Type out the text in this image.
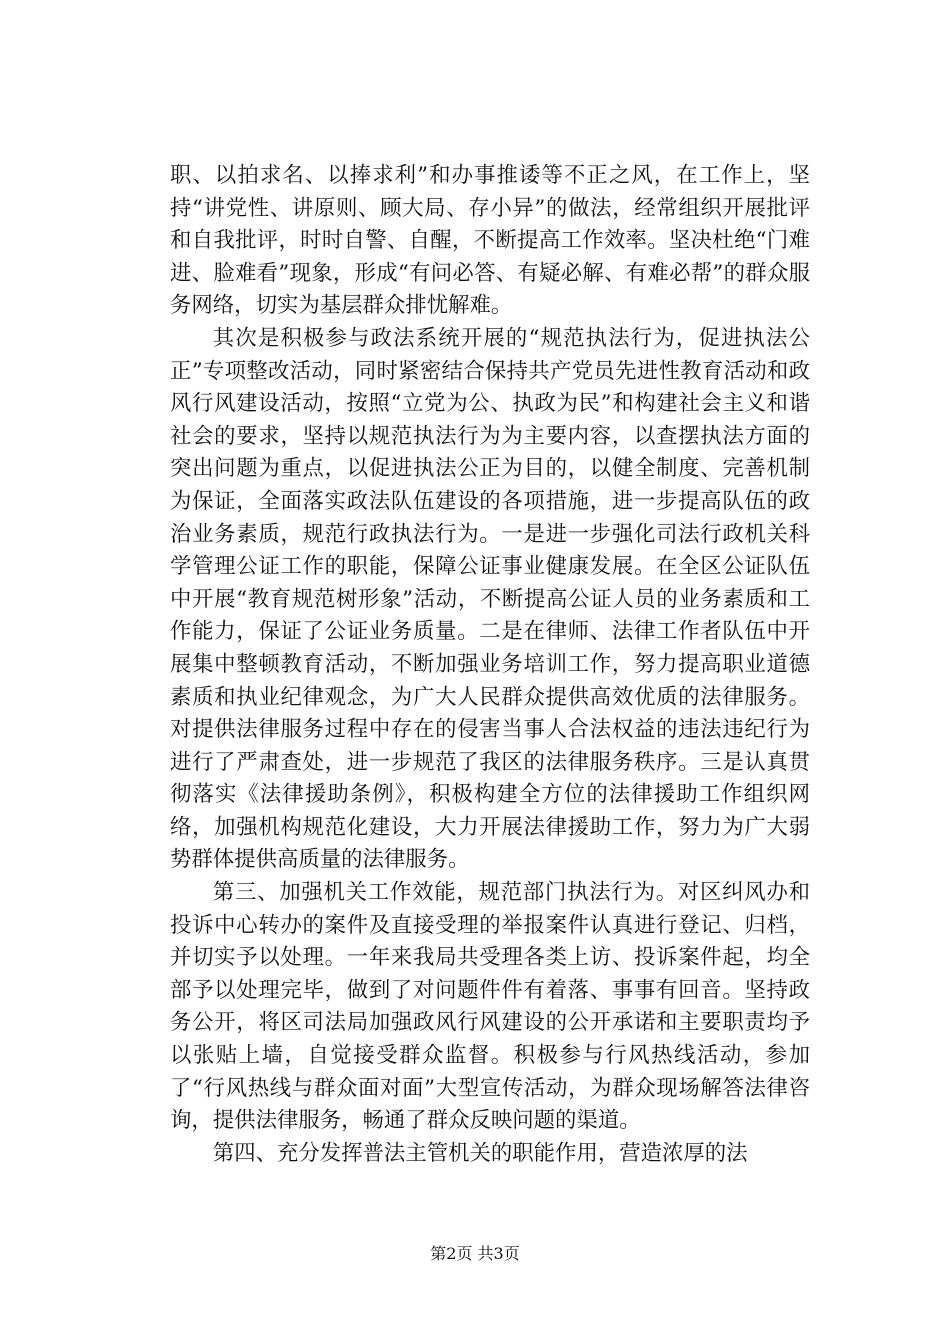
职、以拍求名、以捧求利”和办事推诿等不正之风，在工作上，坚持“讲党性、讲原则、顾大局、存小异”的做法，经常组织开展批评和自我批评，时时自警、自醒，不断提高工作效率。坚决杜绝“门难进、脸难看”现象，形成“有问必答、有疑必解、有难必帮”的群众服务网络，切实为基层群众排忧解难。

其次是积极参与政法系统开展的“规范执法行为，促进执法公正”专项整改活动，同时紧密结合保持共产党员先进性教育活动和政风行风建设活动，按照“立党为公、执政为民”和构建社会主义和谐社会的要求，坚持以规范执法行为为主要内容，以查摆执法方面的突出问题为重点，以促进执法公正为目的，以健全制度、完善机制为保证，全面落实政法队伍建设的各项措施，进一步提高队伍的政治业务素质，规范行政执法行为。一是进一步强化司法行政机关科学管理公证工作的职能，保障公证事业健康发展。在全区公证队伍中开展“教育规范树形象”活动，不断提高公证人员的业务素质和工作能力，保证了公证业务质量。二是在律师、法律工作者队伍中开展集中整顿教育活动，不断加强业务培训工作，努力提高职业道德素质和执业纪律观念，为广大人民群众提供高效优质的法律服务。对提供法律服务过程中存在的侵害当事人合法权益的违法违纪行为进行了严肃查处，进一步规范了我区的法律服务秩序。三是认真贯彻落实《法律援助条例》，积极构建全方位的法律援助工作组织网络，加强机构规范化建设，大力开展法律援助工作，努力为广大弱势群体提供高质量的法律服务。

第三、加强机关工作效能，规范部门执法行为。对区纠风办和投诉中心转办的案件及直接受理的举报案件认真进行登记、归档，并切实予以处理。一年来我局共受理各类上访、投诉案件起，均全部予以处理完毕，做到了对问题件件有着落、事事有回音。坚持政务公开，将区司法局加强政风行风建设的公开承诺和主要职责均予以张贴上墙，自觉接受群众监督。积极参与行风热线活动，参加了“行风热线与群众面对面”大型宣传活动，为群众现场解答法律咨询，提供法律服务，畅通了群众反映问题的渠道。

第四、充分发挥普法主管机关的职能作用，营造浓厚的法

第2页 共3页
